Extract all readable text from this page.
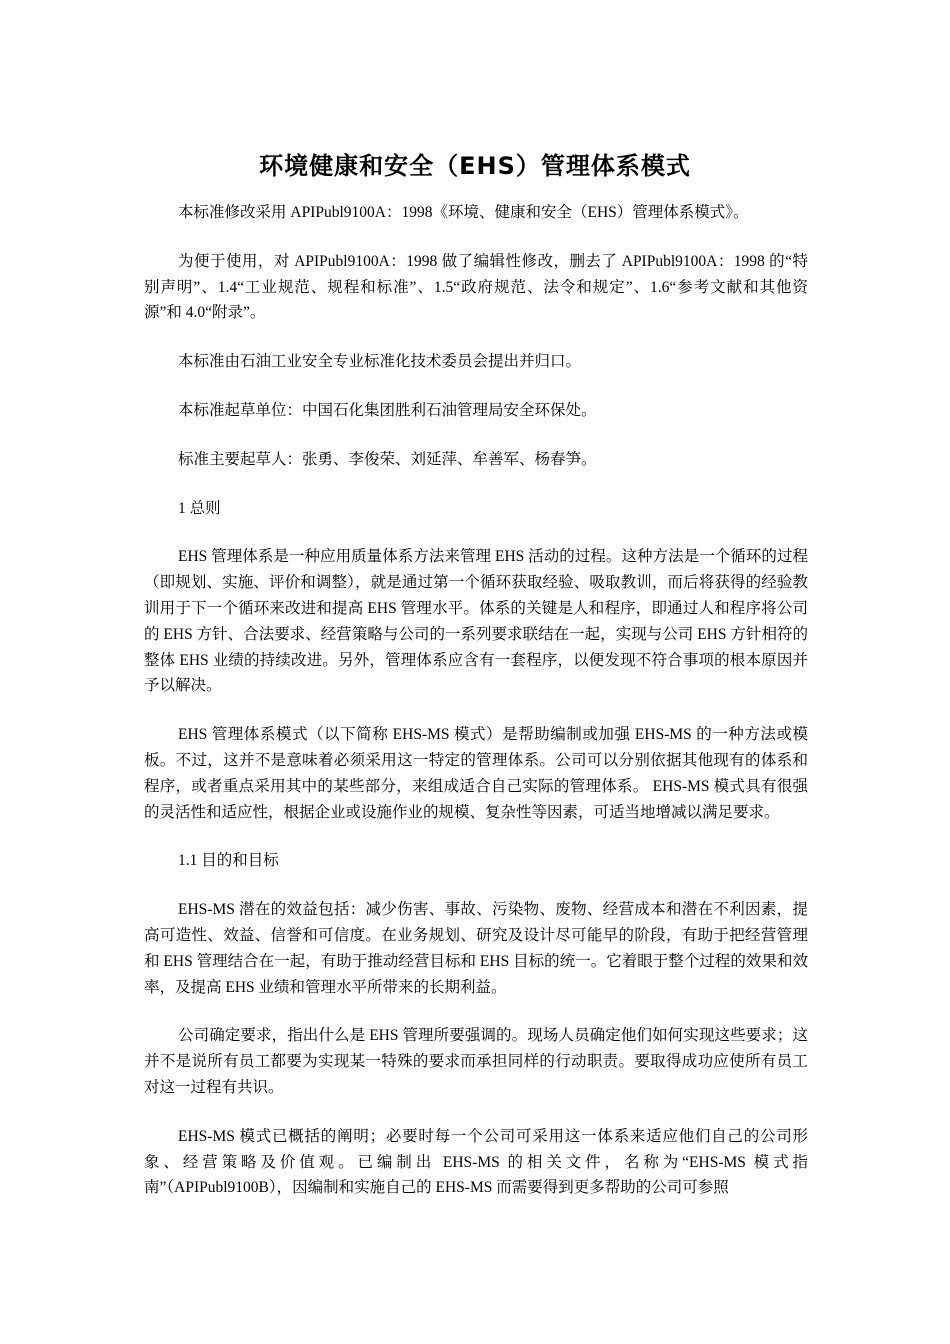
环境健康和安全（EHS）管理体系模式

本标准修改采用 APIPubl9100A：1998《环境、健康和安全（EHS）管理体系模式》。

为便于使用，对 APIPubl9100A：1998 做了编辑性修改，删去了 APIPubl9100A：1998 的“特别声明”、1.4“工业规范、规程和标准”、1.5“政府规范、法令和规定”、1.6“参考文献和其他资源”和 4.0“附录”。

本标准由石油工业安全专业标准化技术委员会提出并归口。

本标准起草单位：中国石化集团胜利石油管理局安全环保处。

标准主要起草人：张勇、李俊荣、刘延萍、牟善军、杨春笋。

1 总则

EHS 管理体系是一种应用质量体系方法来管理 EHS 活动的过程。这种方法是一个循环的过程（即规划、实施、评价和调整），就是通过第一个循环获取经验、吸取教训，而后将获得的经验教训用于下一个循环来改进和提高 EHS 管理水平。体系的关键是人和程序，即通过人和程序将公司的 EHS 方针、合法要求、经营策略与公司的一系列要求联结在一起，实现与公司 EHS 方针相符的整体 EHS 业绩的持续改进。另外，管理体系应含有一套程序，以便发现不符合事项的根本原因并予以解决。

EHS 管理体系模式（以下简称 EHS-MS 模式）是帮助编制或加强 EHS-MS 的一种方法或模板。不过，这并不是意味着必须采用这一特定的管理体系。公司可以分别依据其他现有的体系和程序，或者重点采用其中的某些部分，来组成适合自己实际的管理体系。 EHS-MS 模式具有很强的灵活性和适应性，根据企业或设施作业的规模、复杂性等因素，可适当地增减以满足要求。

1.1 目的和目标

EHS-MS 潜在的效益包括：减少伤害、事故、污染物、废物、经营成本和潜在不利因素，提高可造性、效益、信誉和可信度。在业务规划、研究及设计尽可能早的阶段，有助于把经营管理和 EHS 管理结合在一起，有助于推动经营目标和 EHS 目标的统一。它着眼于整个过程的效果和效率，及提高 EHS 业绩和管理水平所带来的长期利益。

公司确定要求，指出什么是 EHS 管理所要强调的。现场人员确定他们如何实现这些要求；这并不是说所有员工都要为实现某一特殊的要求而承担同样的行动职责。要取得成功应使所有员工对这一过程有共识。

EHS-MS 模式已概括的阐明；必要时每一个公司可采用这一体系来适应他们自己的公司形象、经营策略及价值观。已编制出 EHS-MS 的相关文件，名称为“EHS-MS 模式指南”（APIPubl9100B），因编制和实施自己的 EHS-MS 而需要得到更多帮助的公司可参照
